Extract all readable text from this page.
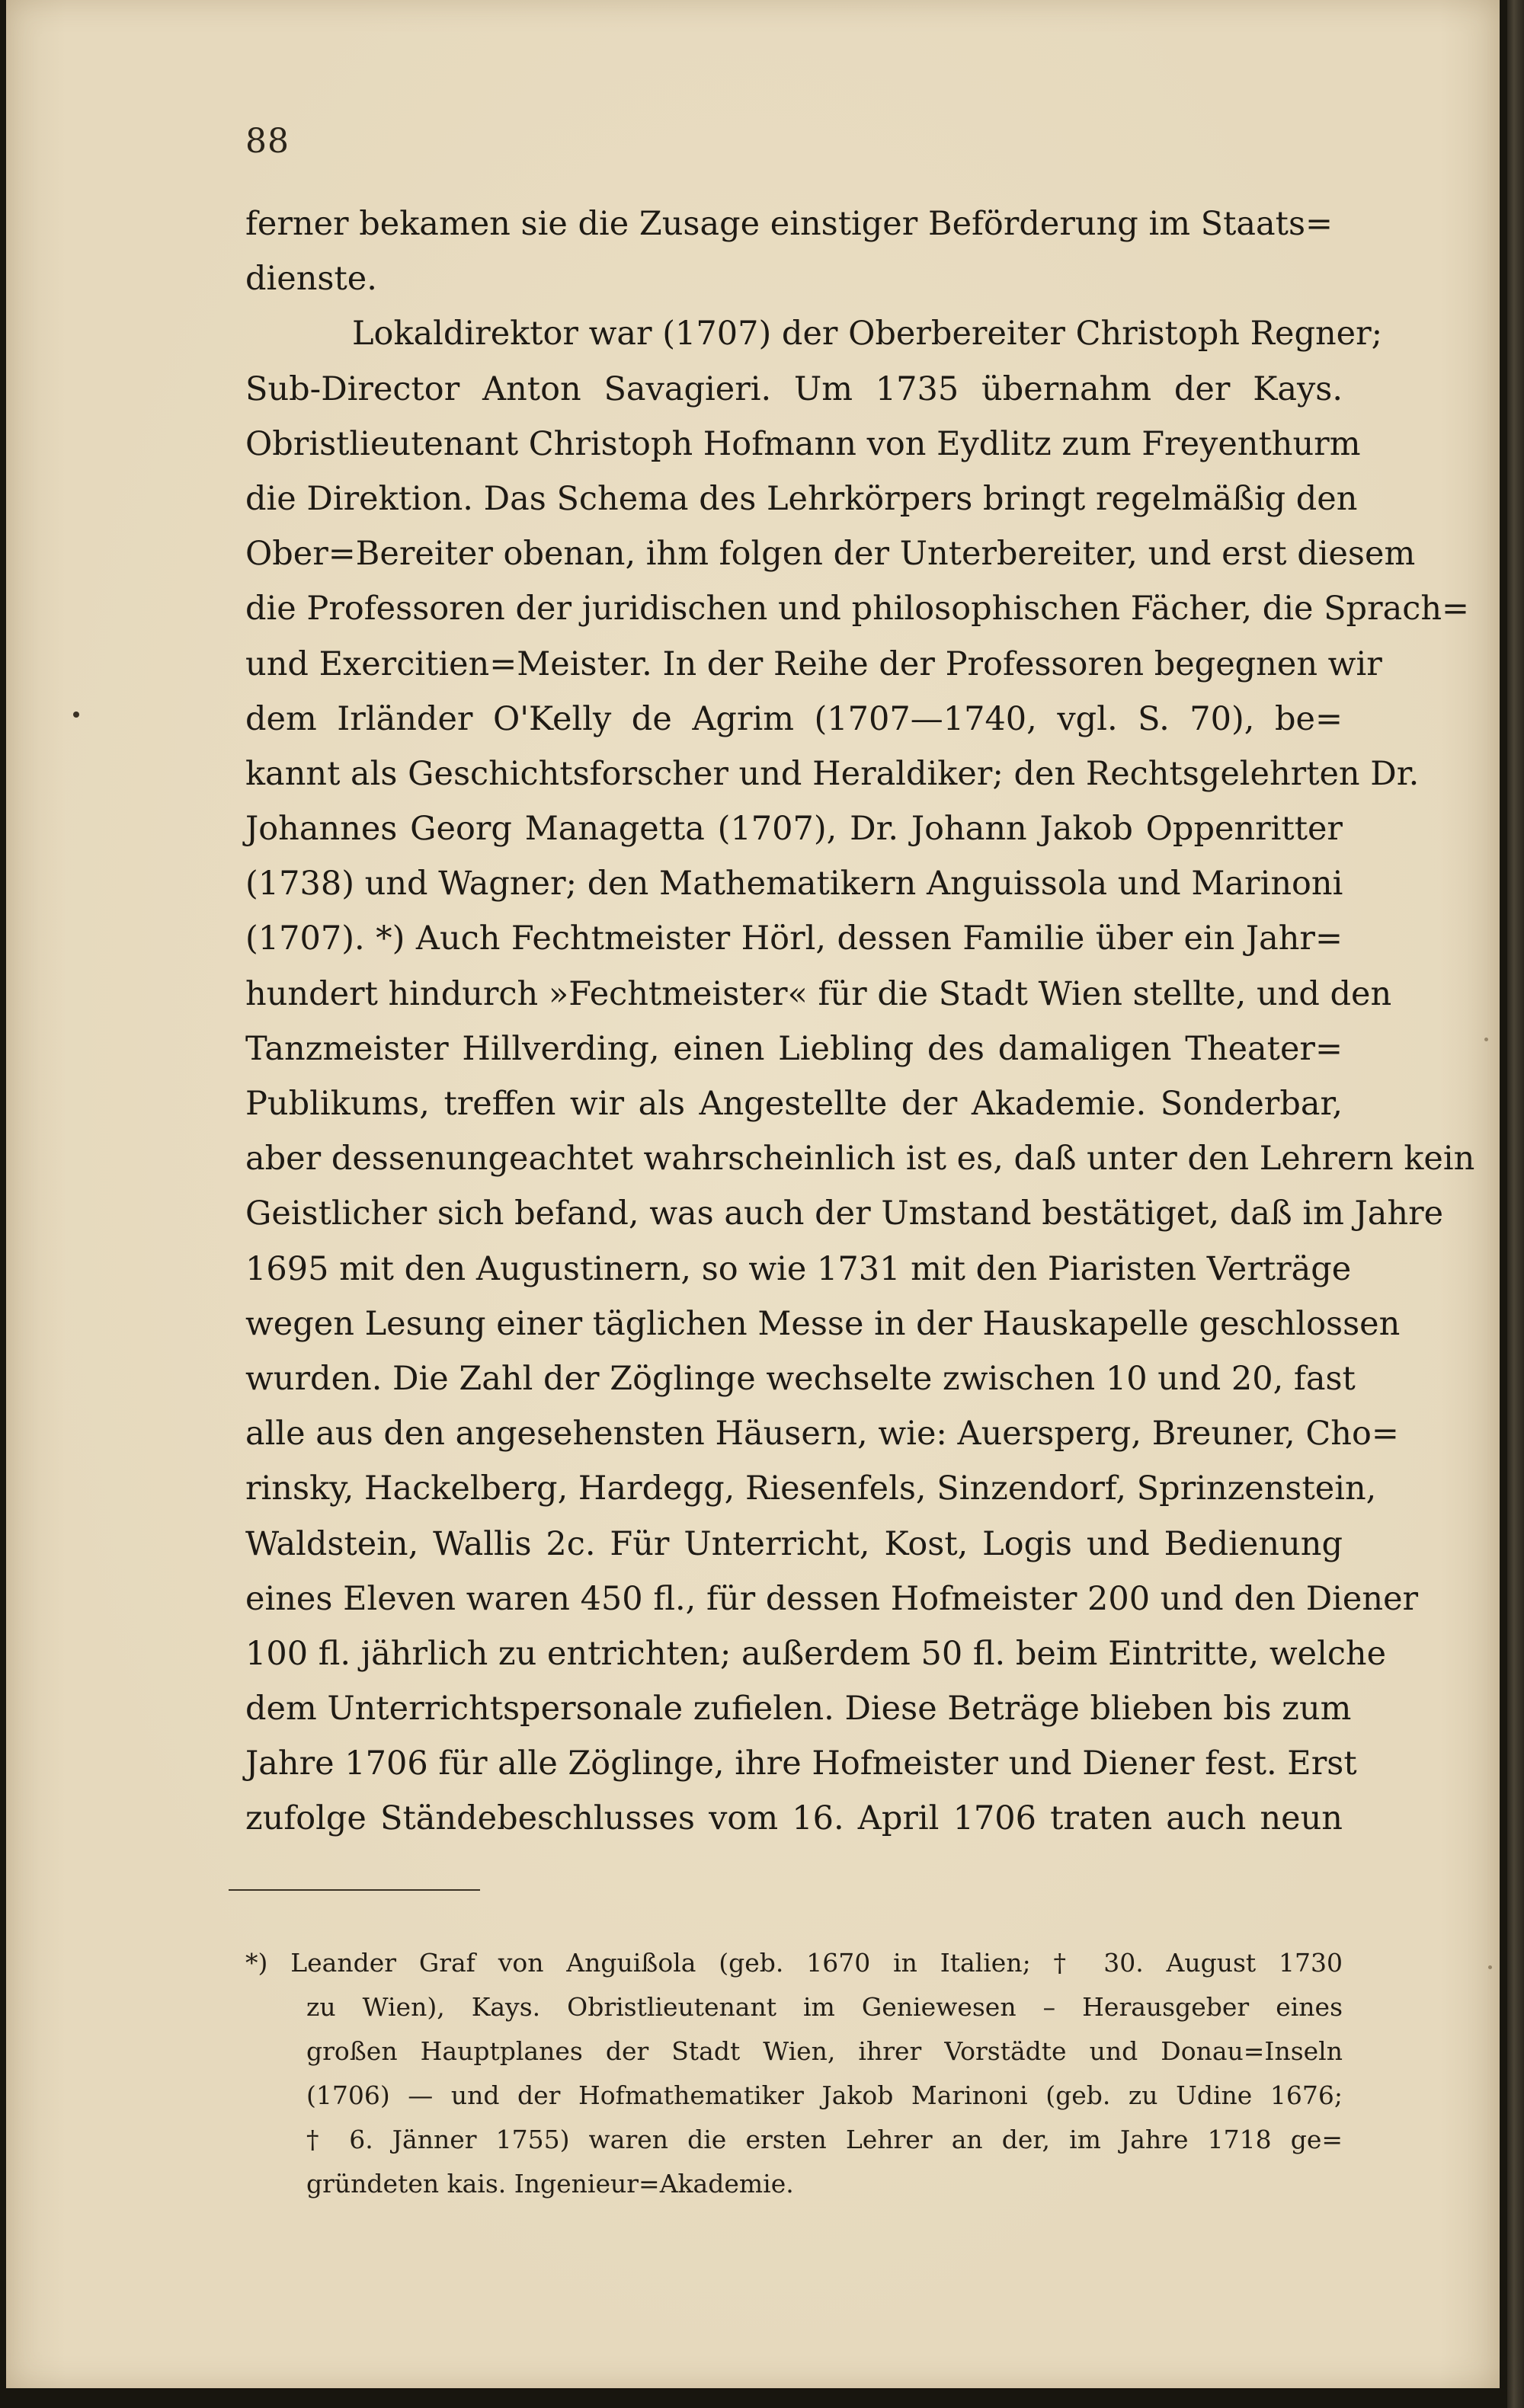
88
ferner bekamen sie die Zusage einstiger Beförderung im Staats=
dienste.
Lokaldirektor war (1707) der Oberbereiter Christoph Regner;
Sub-Director Anton Savagieri. Um 1735 übernahm der Kays.
Obristlieutenant Christoph Hofmann von Eydlitz zum Freyenthurm
die Direktion. Das Schema des Lehrkörpers bringt regelmäßig den
Ober=Bereiter obenan, ihm folgen der Unterbereiter, und erst diesem
die Professoren der juridischen und philosophischen Fächer, die Sprach=
und Exercitien=Meister. In der Reihe der Professoren begegnen wir
dem Irländer O'Kelly de Agrim (1707—1740, vgl. S. 70), be=
kannt als Geschichtsforscher und Heraldiker; den Rechtsgelehrten Dr.
Johannes Georg Managetta (1707), Dr. Johann Jakob Oppenritter
(1738) und Wagner; den Mathematikern Anguissola und Marinoni
(1707). *) Auch Fechtmeister Hörl, dessen Familie über ein Jahr=
hundert hindurch »Fechtmeister« für die Stadt Wien stellte, und den
Tanzmeister Hillverding, einen Liebling des damaligen Theater=
Publikums, treffen wir als Angestellte der Akademie. Sonderbar,
aber dessenungeachtet wahrscheinlich ist es, daß unter den Lehrern kein
Geistlicher sich befand, was auch der Umstand bestätiget, daß im Jahre
1695 mit den Augustinern, so wie 1731 mit den Piaristen Verträge
wegen Lesung einer täglichen Messe in der Hauskapelle geschlossen
wurden. Die Zahl der Zöglinge wechselte zwischen 10 und 20, fast
alle aus den angesehensten Häusern, wie: Auersperg, Breuner, Cho=
rinsky, Hackelberg, Hardegg, Riesenfels, Sinzendorf, Sprinzenstein,
Waldstein, Wallis 2c. Für Unterricht, Kost, Logis und Bedienung
eines Eleven waren 450 fl., für dessen Hofmeister 200 und den Diener
100 fl. jährlich zu entrichten; außerdem 50 fl. beim Eintritte, welche
dem Unterrichtspersonale zufielen. Diese Beträge blieben bis zum
Jahre 1706 für alle Zöglinge, ihre Hofmeister und Diener fest. Erst
zufolge Ständebeschlusses vom 16. April 1706 traten auch neun
*) Leander Graf von Anguißola (geb. 1670 in Italien; † 30. August 1730
zu Wien), Kays. Obristlieutenant im Geniewesen – Herausgeber eines
großen Hauptplanes der Stadt Wien, ihrer Vorstädte und Donau=Inseln
(1706) — und der Hofmathematiker Jakob Marinoni (geb. zu Udine 1676;
† 6. Jänner 1755) waren die ersten Lehrer an der, im Jahre 1718 ge=
gründeten kais. Ingenieur=Akademie.
